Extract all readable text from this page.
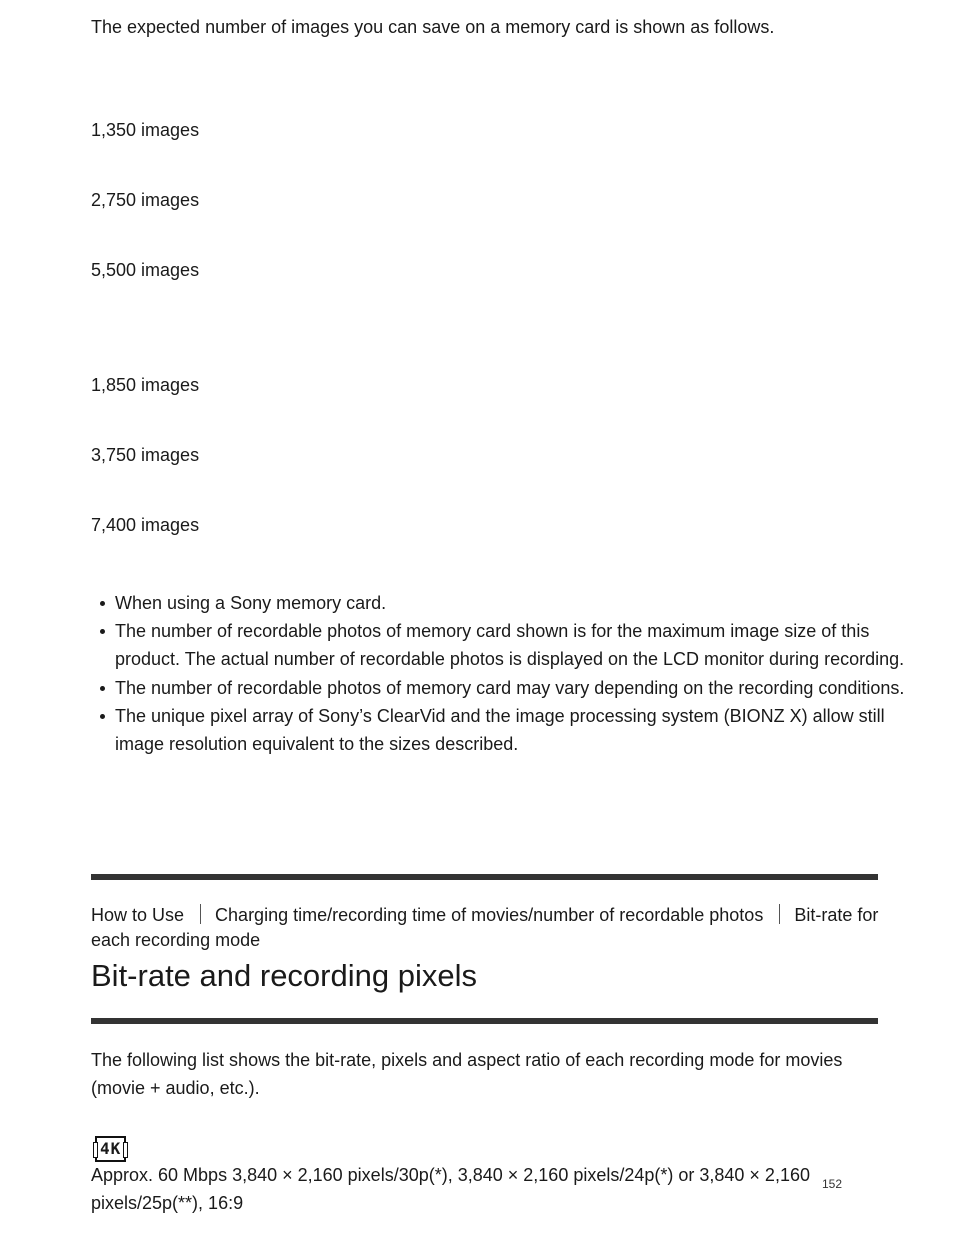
The expected number of images you can save on a memory card is shown as follows.
1,350 images
2,750 images
5,500 images
1,850 images
3,750 images
7,400 images
When using a Sony memory card.
The number of recordable photos of memory card shown is for the maximum image size of this product. The actual number of recordable photos is displayed on the LCD monitor during recording.
The number of recordable photos of memory card may vary depending on the recording conditions.
The unique pixel array of Sony’s ClearVid and the image processing system (BIONZ X) allow still image resolution equivalent to the sizes described.
How to Use Charging time/recording time of movies/number of recordable photos Bit-rate for each recording mode
Bit-rate and recording pixels
The following list shows the bit-rate, pixels and aspect ratio of each recording mode for movies (movie + audio, etc.).
4K
Approx. 60 Mbps 3,840 × 2,160 pixels/30p(*), 3,840 × 2,160 pixels/24p(*) or 3,840 × 2,160 pixels/25p(**), 16:9
152
